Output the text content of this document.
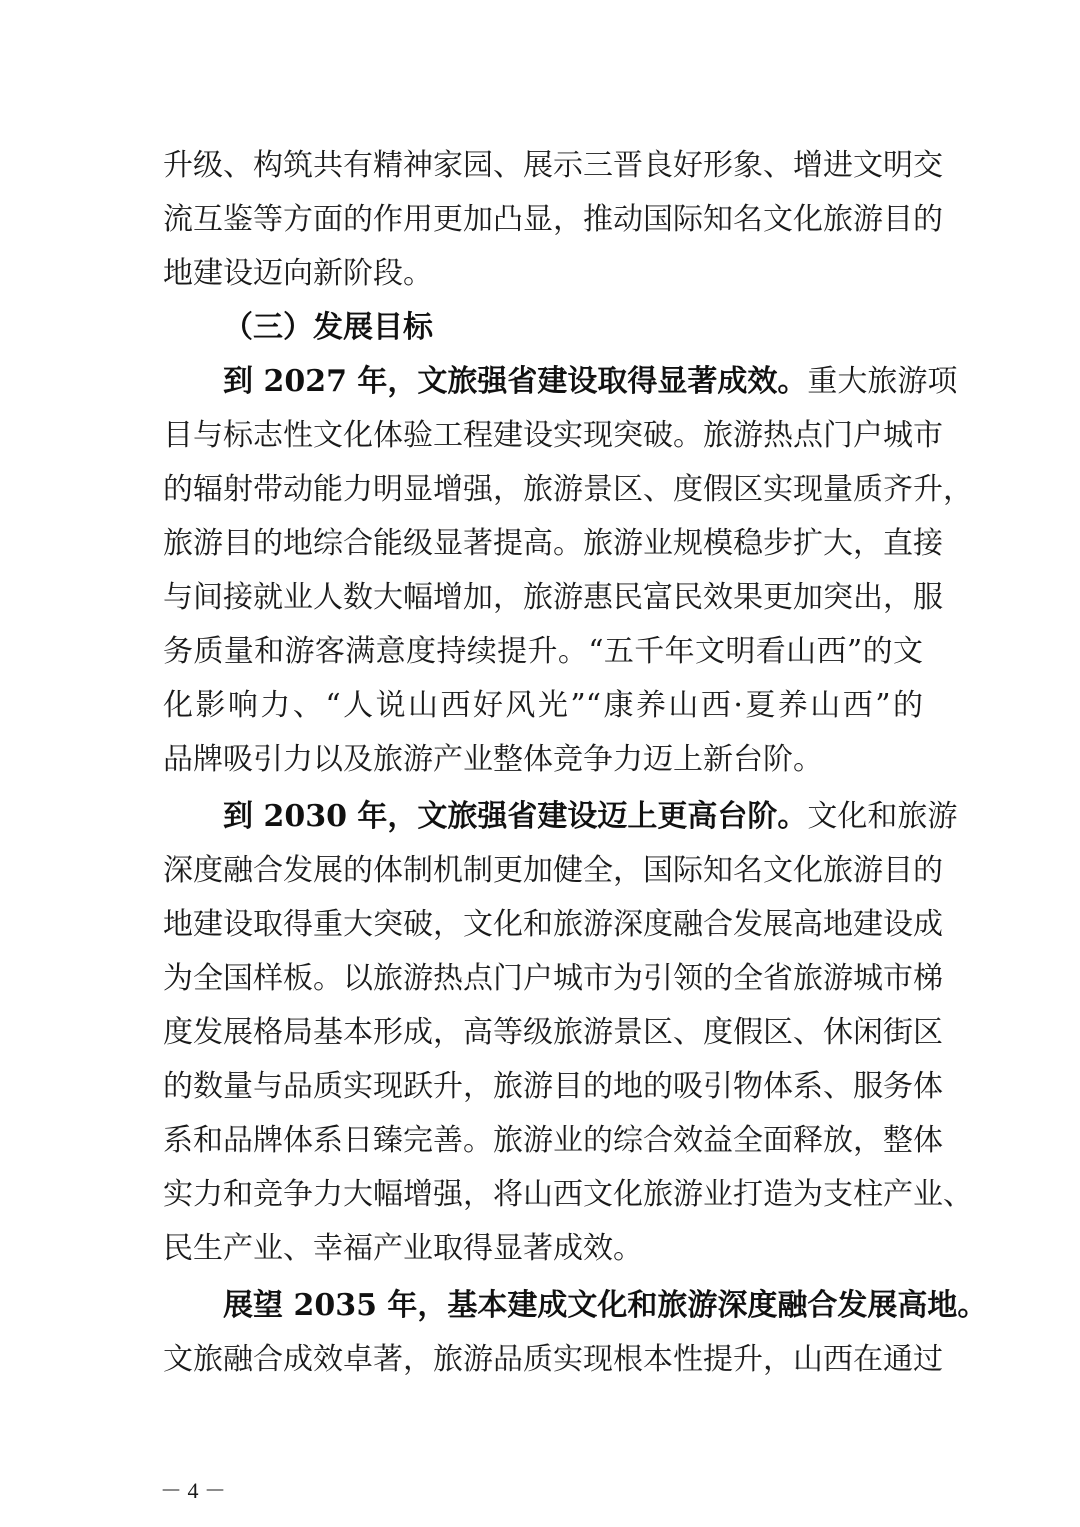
升级、构筑共有精神家园、展示三晋良好形象、增进文明交
流互鉴等方面的作用更加凸显，推动国际知名文化旅游目的
地建设迈向新阶段。
（三）发展目标
到 2027 年，文旅强省建设取得显著成效。重大旅游项
目与标志性文化体验工程建设实现突破。旅游热点门户城市
的辐射带动能力明显增强，旅游景区、度假区实现量质齐升，
旅游目的地综合能级显著提高。旅游业规模稳步扩大，直接
与间接就业人数大幅增加，旅游惠民富民效果更加突出，服
务质量和游客满意度持续提升。“五千年文明看山西”的文
化影响力、“人说山西好风光”“康养山西·夏养山西”的
品牌吸引力以及旅游产业整体竞争力迈上新台阶。
到 2030 年，文旅强省建设迈上更高台阶。文化和旅游
深度融合发展的体制机制更加健全，国际知名文化旅游目的
地建设取得重大突破，文化和旅游深度融合发展高地建设成
为全国样板。以旅游热点门户城市为引领的全省旅游城市梯
度发展格局基本形成，高等级旅游景区、度假区、休闲街区
的数量与品质实现跃升，旅游目的地的吸引物体系、服务体
系和品牌体系日臻完善。旅游业的综合效益全面释放，整体
实力和竞争力大幅增强，将山西文化旅游业打造为支柱产业、
民生产业、幸福产业取得显著成效。
展望 2035 年，基本建成文化和旅游深度融合发展高地。
文旅融合成效卓著，旅游品质实现根本性提升，山西在通过
－ 4 －
